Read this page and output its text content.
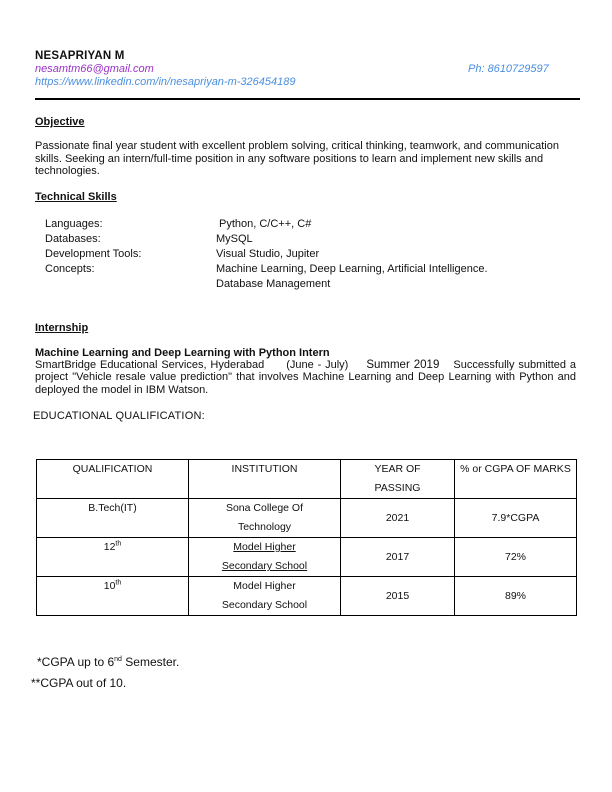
NESAPRIYAN M
nesamtm66@gmail.com
https://www.linkedin.com/in/nesapriyan-m-326454189
Ph: 8610729597
Objective
Passionate final year student with excellent problem solving, critical thinking, teamwork, and communication skills. Seeking an intern/full-time position in any software positions to learn and implement new skills and technologies.
Technical Skills
Languages:	Python, C/C++, C#
Databases:	MySQL
Development Tools:	Visual Studio, Jupiter
Concepts:	Machine Learning, Deep Learning, Artificial Intelligence.
Database Management
Internship
Machine Learning and Deep Learning with Python Intern
SmartBridge Educational Services, Hyderabad (June - July) Summer 2019 Successfully submitted a project "Vehicle resale value prediction" that involves Machine Learning and Deep Learning with Python and deployed the model in IBM Watson.
EDUCATIONAL QUALIFICATION:
QUALIFICATION	INSTITUTION	YEAR OF PASSING	% or CGPA OF MARKS
B.Tech(IT)	Sona College Of Technology	2021	7.9*CGPA
12th	Model Higher Secondary School	2017	72%
10th	Model Higher Secondary School	2015	89%
*CGPA up to 6nd Semester.
**CGPA out of 10.
